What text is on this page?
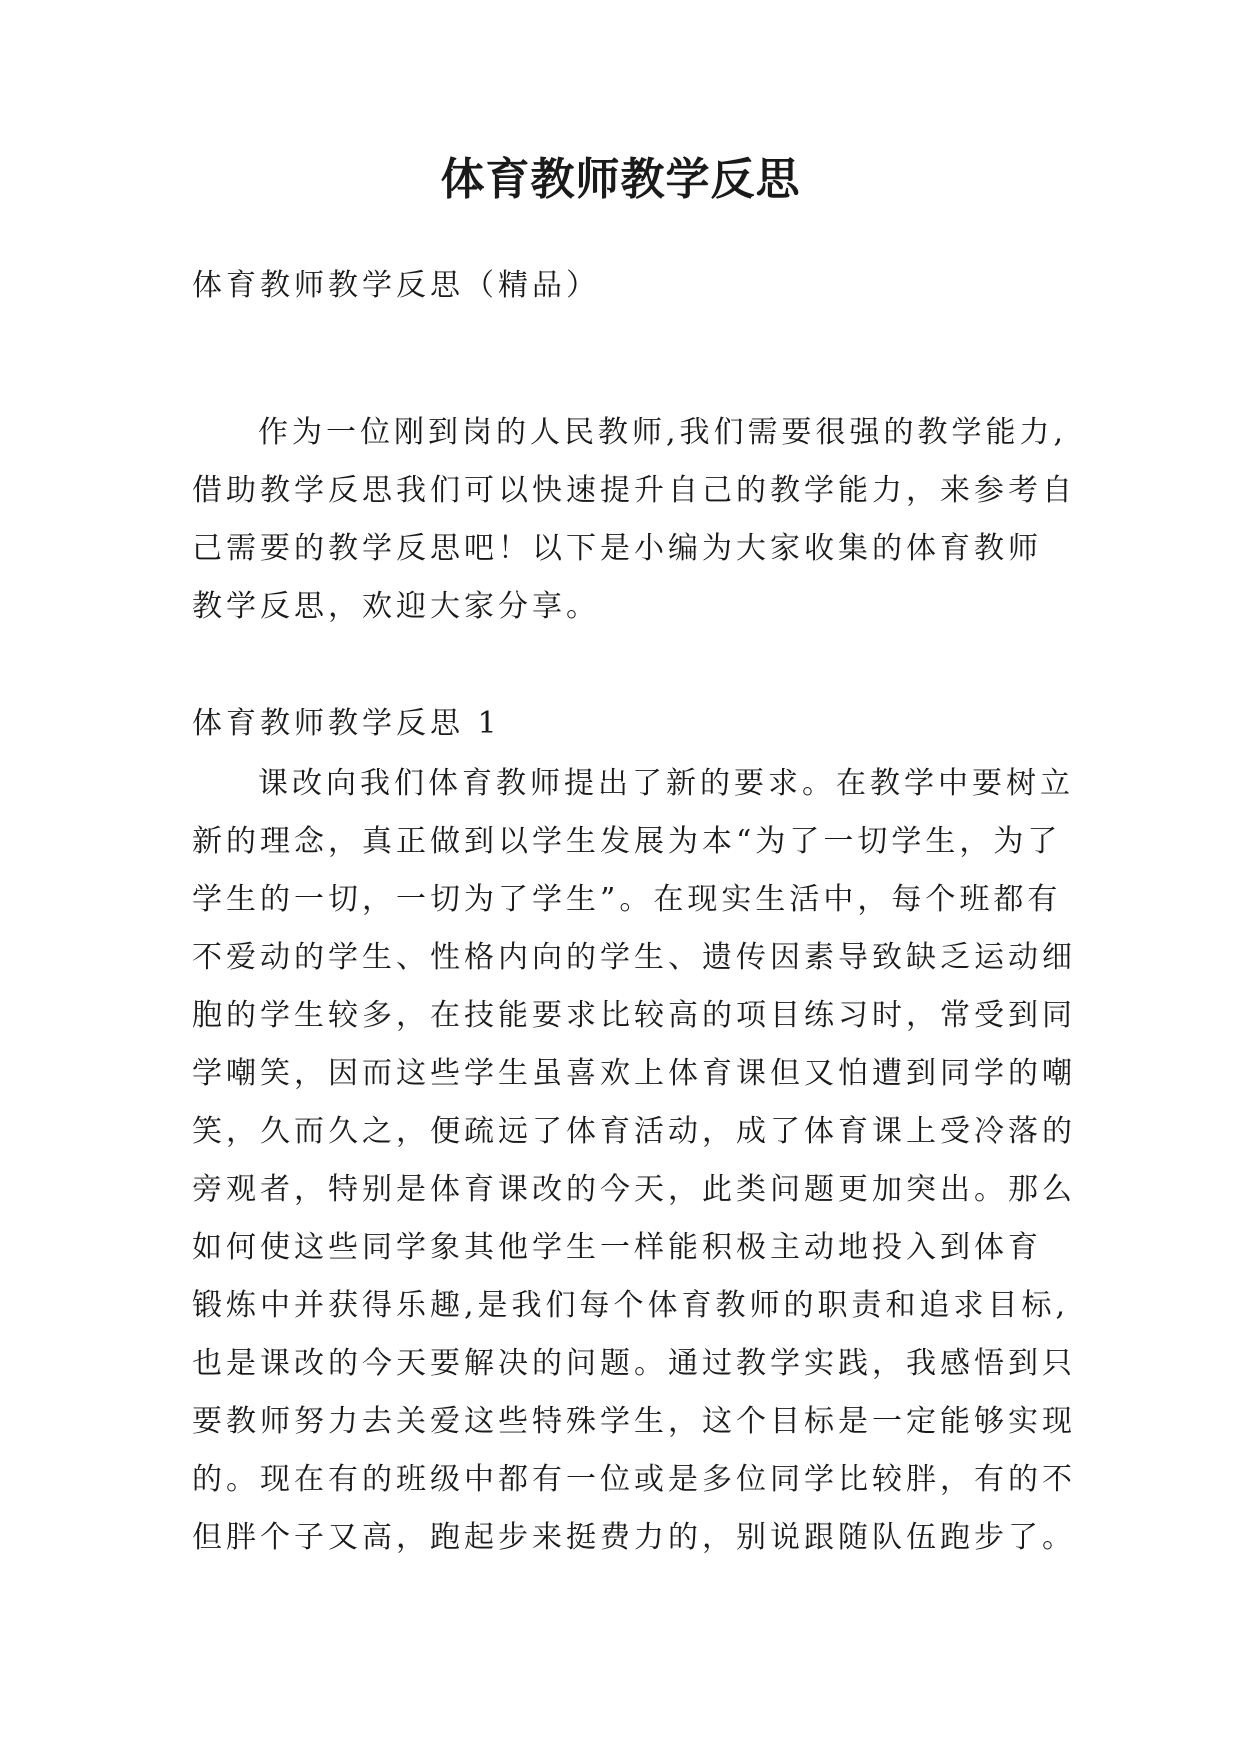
体育教师教学反思
体育教师教学反思（精品）
作为一位刚到岗的人民教师,我们需要很强的教学能力,
借助教学反思我们可以快速提升自己的教学能力，来参考自
己需要的教学反思吧！以下是小编为大家收集的体育教师
教学反思，欢迎大家分享。
体育教师教学反思 1
课改向我们体育教师提出了新的要求。在教学中要树立
新的理念，真正做到以学生发展为本“为了一切学生，为了
学生的一切，一切为了学生”。在现实生活中，每个班都有
不爱动的学生、性格内向的学生、遗传因素导致缺乏运动细
胞的学生较多，在技能要求比较高的项目练习时，常受到同
学嘲笑，因而这些学生虽喜欢上体育课但又怕遭到同学的嘲
笑，久而久之，便疏远了体育活动，成了体育课上受冷落的
旁观者，特别是体育课改的今天，此类问题更加突出。那么
如何使这些同学象其他学生一样能积极主动地投入到体育
锻炼中并获得乐趣,是我们每个体育教师的职责和追求目标,
也是课改的今天要解决的问题。通过教学实践，我感悟到只
要教师努力去关爱这些特殊学生，这个目标是一定能够实现
的。现在有的班级中都有一位或是多位同学比较胖，有的不
但胖个子又高，跑起步来挺费力的，别说跟随队伍跑步了。
